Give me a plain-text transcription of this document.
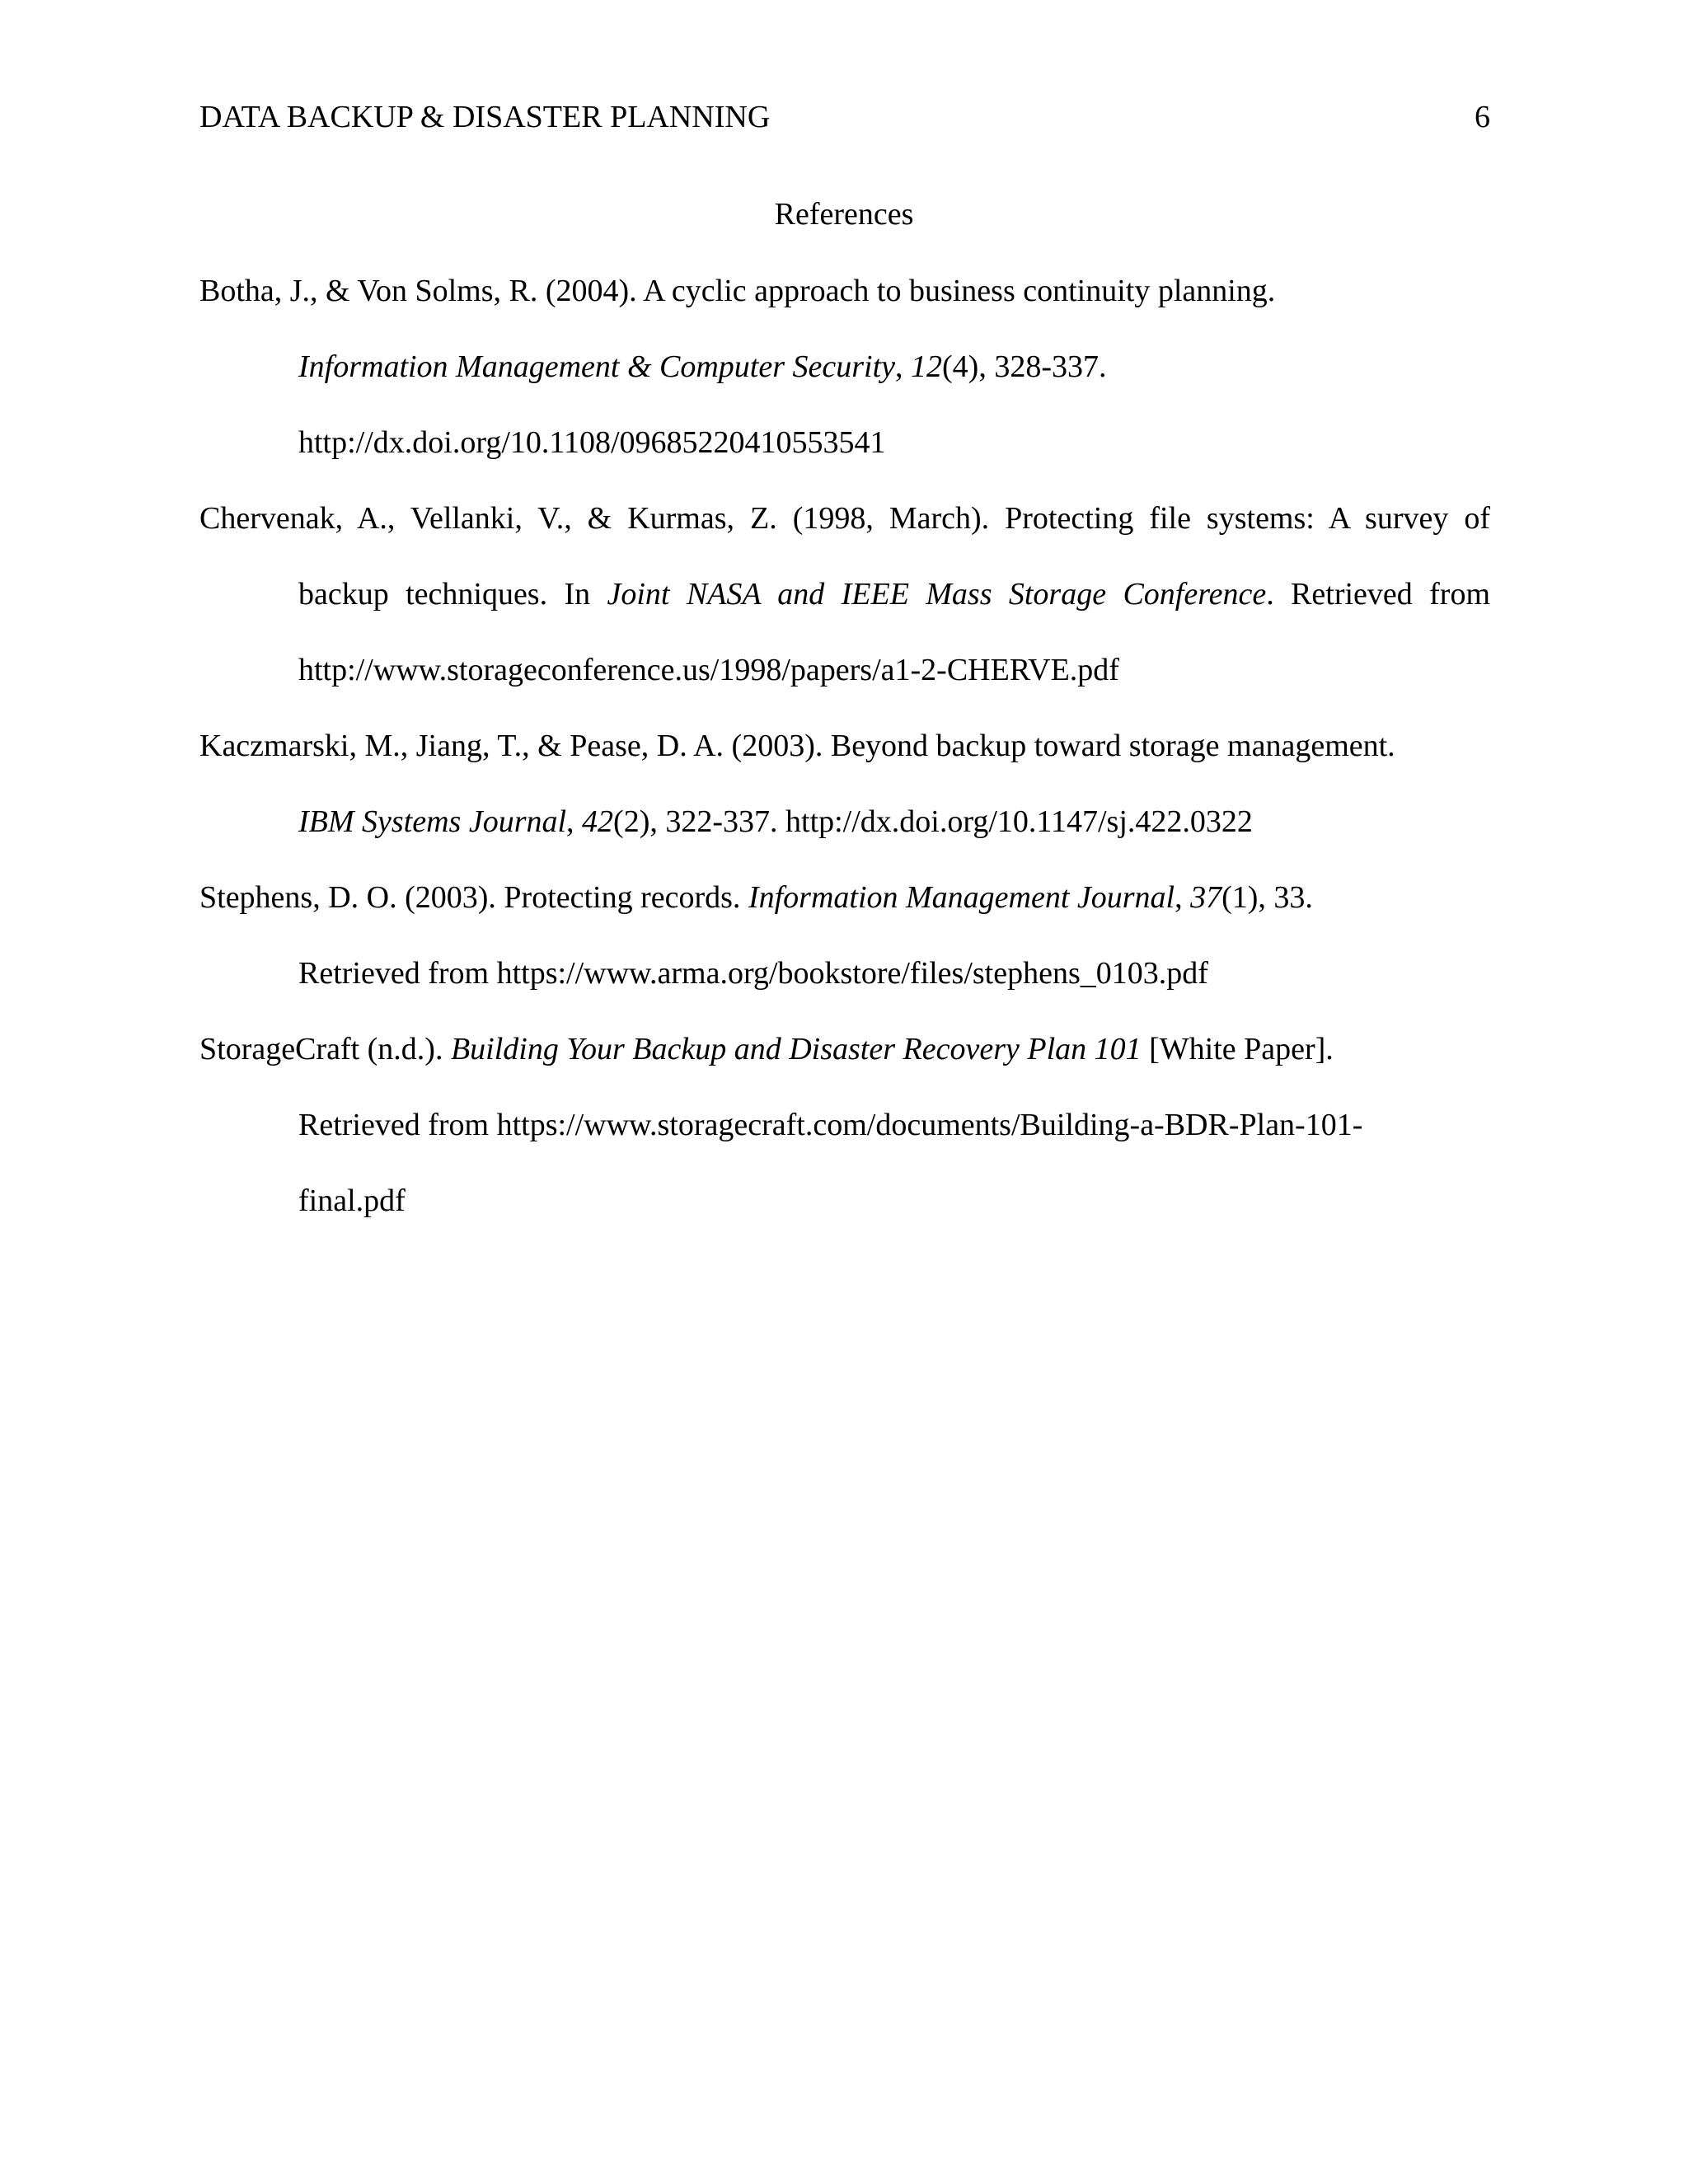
DATA BACKUP & DISASTER PLANNING	6
References
Botha, J., & Von Solms, R. (2004). A cyclic approach to business continuity planning.
Information Management & Computer Security, 12(4), 328-337.
http://dx.doi.org/10.1108/09685220410553541
Chervenak, A., Vellanki, V., & Kurmas, Z. (1998, March). Protecting file systems: A survey of
backup techniques. In Joint NASA and IEEE Mass Storage Conference. Retrieved from
http://www.storageconference.us/1998/papers/a1-2-CHERVE.pdf
Kaczmarski, M., Jiang, T., & Pease, D. A. (2003). Beyond backup toward storage management.
IBM Systems Journal, 42(2), 322-337. http://dx.doi.org/10.1147/sj.422.0322
Stephens, D. O. (2003). Protecting records. Information Management Journal, 37(1), 33.
Retrieved from https://www.arma.org/bookstore/files/stephens_0103.pdf
StorageCraft (n.d.). Building Your Backup and Disaster Recovery Plan 101 [White Paper].
Retrieved from https://www.storagecraft.com/documents/Building-a-BDR-Plan-101-
final.pdf
